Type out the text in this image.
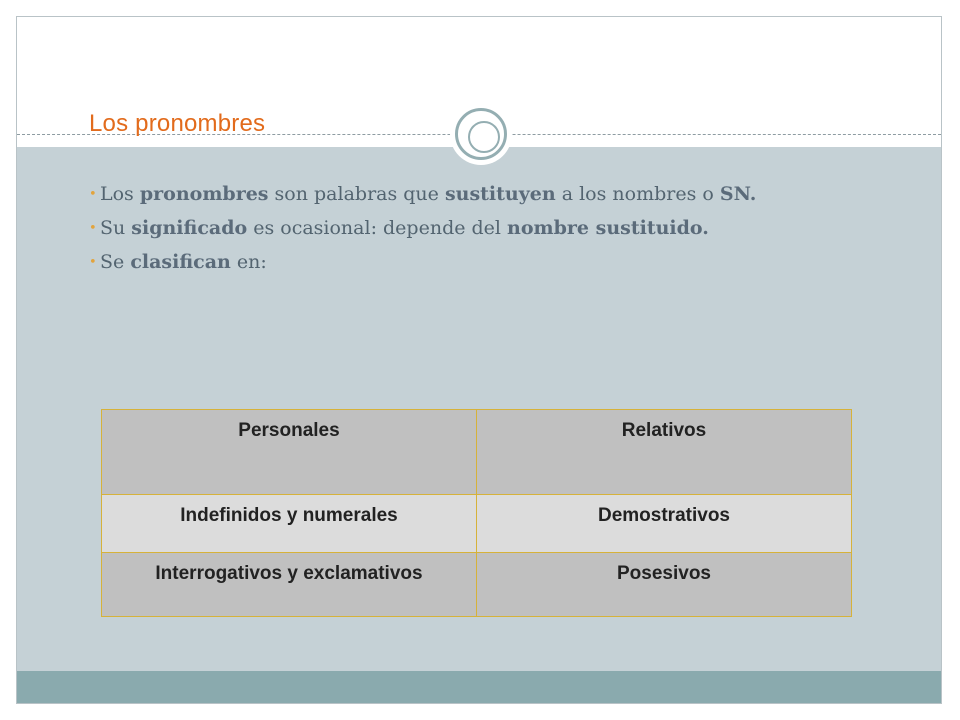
Los pronombres
• Los pronombres son palabras que sustituyen a los nombres o SN.
• Su significado es ocasional: depende del nombre sustituido.
• Se clasifican en:
Personales	Relativos
Indefinidos y numerales	Demostrativos
Interrogativos y exclamativos	Posesivos
